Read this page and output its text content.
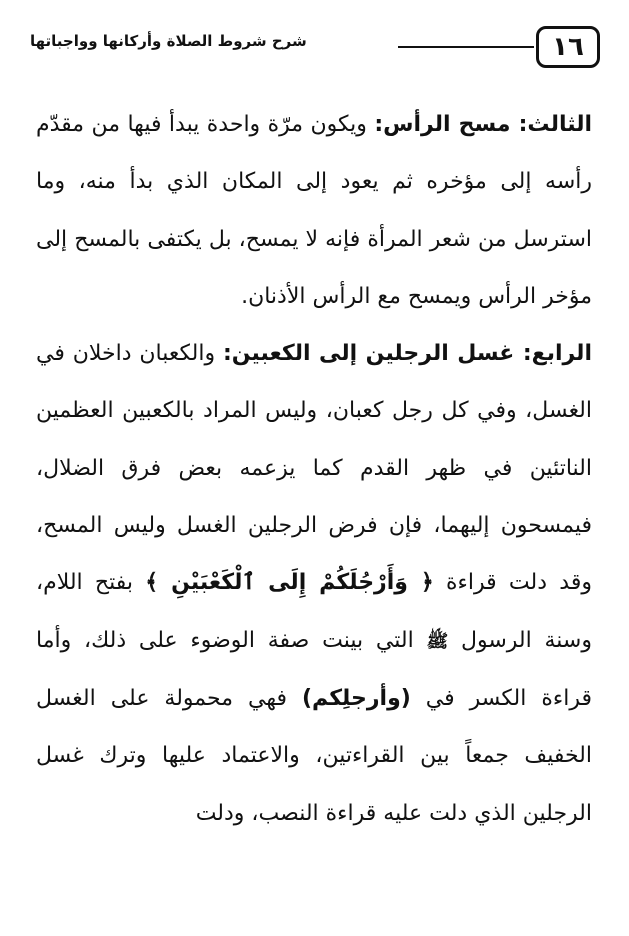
١٦
شرح شروط الصلاة وأركانها وواجباتها

الثالث: مسح الرأس: ويكون مرّة واحدة يبدأ فيها من مقدّم رأسه إلى مؤخره ثم يعود إلى المكان الذي بدأ منه، وما استرسل من شعر المرأة فإنه لا يمسح، بل يكتفى بالمسح إلى مؤخر الرأس ويمسح مع الرأس الأذنان.

الرابع: غسل الرجلين إلى الكعبين: والكعبان داخلان في الغسل، وفي كل رجل كعبان، وليس المراد بالكعبين العظمين الناتئين في ظهر القدم كما يزعمه بعض فرق الضلال، فيمسحون إليهما، فإن فرض الرجلين الغسل وليس المسح، وقد دلت قراءة ﴿ وَأَرْجُلَكُمْ إِلَى ٱلْكَعْبَيْنِ ﴾ بفتح اللام، وسنة الرسول ﷺ التي بينت صفة الوضوء على ذلك، وأما قراءة الكسر في (وأرجلِكم) فهي محمولة على الغسل الخفيف جمعاً بين القراءتين، والاعتماد عليها وترك غسل الرجلين الذي دلت عليه قراءة النصب، ودلت
